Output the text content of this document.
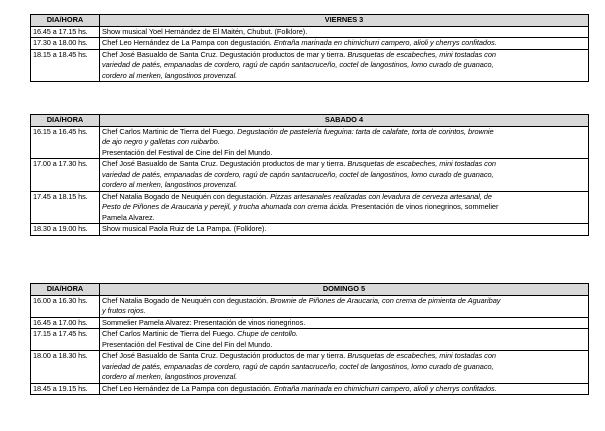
DIA/HORA	VIERNES 3
16.45 a 17.15 hs.	Show musical Yoel Hernández de El Maitén, Chubut. (Folklore).

17.30 a 18.00 hs.	Chef Leo Hernández de La Pampa con degustación. Entraña marinada en chimichurri campero, alioli y cherrys confitados.

18.15 a 18.45 hs.	Chef José Basualdo de Santa Cruz. Degustación productos de mar y tierra. Brusquetas de escabeches, mini tostadas con
variedad de patés, empanadas de cordero, ragú de capón santacruceño, coctel de langostinos, lomo curado de guanaco,
cordero al merken, langostinos provenzal.
DIA/HORA	SABADO 4
16.15 a 16.45 hs.	Chef Carlos Martinic de Tierra del Fuego. Degustación de pastelería fueguina: tarta de calafate, torta de corintos, brownie
de ajo negro y galletas con ruibarbo.
Presentación del Festival de Cine del Fin del Mundo.

17.00 a 17.30 hs.	Chef José Basualdo de Santa Cruz. Degustación productos de mar y tierra. Brusquetas de escabeches, mini tostadas con
variedad de patés, empanadas de cordero, ragú de capón santacruceño, coctel de langostinos, lomo curado de guanaco,
cordero al merken, langostinos provenzal.

17.45 a 18.15 hs.	Chef Natalia Bogado de Neuquén con degustación. Pizzas artesanales realizadas con levadura de cerveza artesanal, de
Pesto de Piñones de Araucaria y perejil, y trucha ahumada con crema ácida. Presentación de vinos rionegrinos, sommelier
Pamela Alvarez.

18.30 a 19.00 hs.	Show musical Paola Ruiz de La Pampa. (Folklore).
DIA/HORA	DOMINGO 5
16.00 a 16.30 hs.	Chef Natalia Bogado de Neuquén con degustación. Brownie de Piñones de Araucaria, con crema de pimienta de Aguaribay
y frutos rojos.

16.45 a 17.00 hs.	Sommelier Pamela Alvarez: Presentación de vinos rionegrinos.

17.15 a 17.45 hs.	Chef Carlos Martinic de Tierra del Fuego. Chupe de centollo.
Presentación del Festival de Cine del Fin del Mundo.

18.00 a 18.30 hs.	Chef José Basualdo de Santa Cruz. Degustación productos de mar y tierra. Brusquetas de escabeches, mini tostadas con
variedad de patés, empanadas de cordero, ragú de capón santacruceño, coctel de langostinos, lomo curado de guanaco,
cordero al merken, langostinos provenzal.

18.45 a 19.15 hs.	Chef Leo Hernández de La Pampa con degustación. Entraña marinada en chimichurri campero, alioli y cherrys confitados.
